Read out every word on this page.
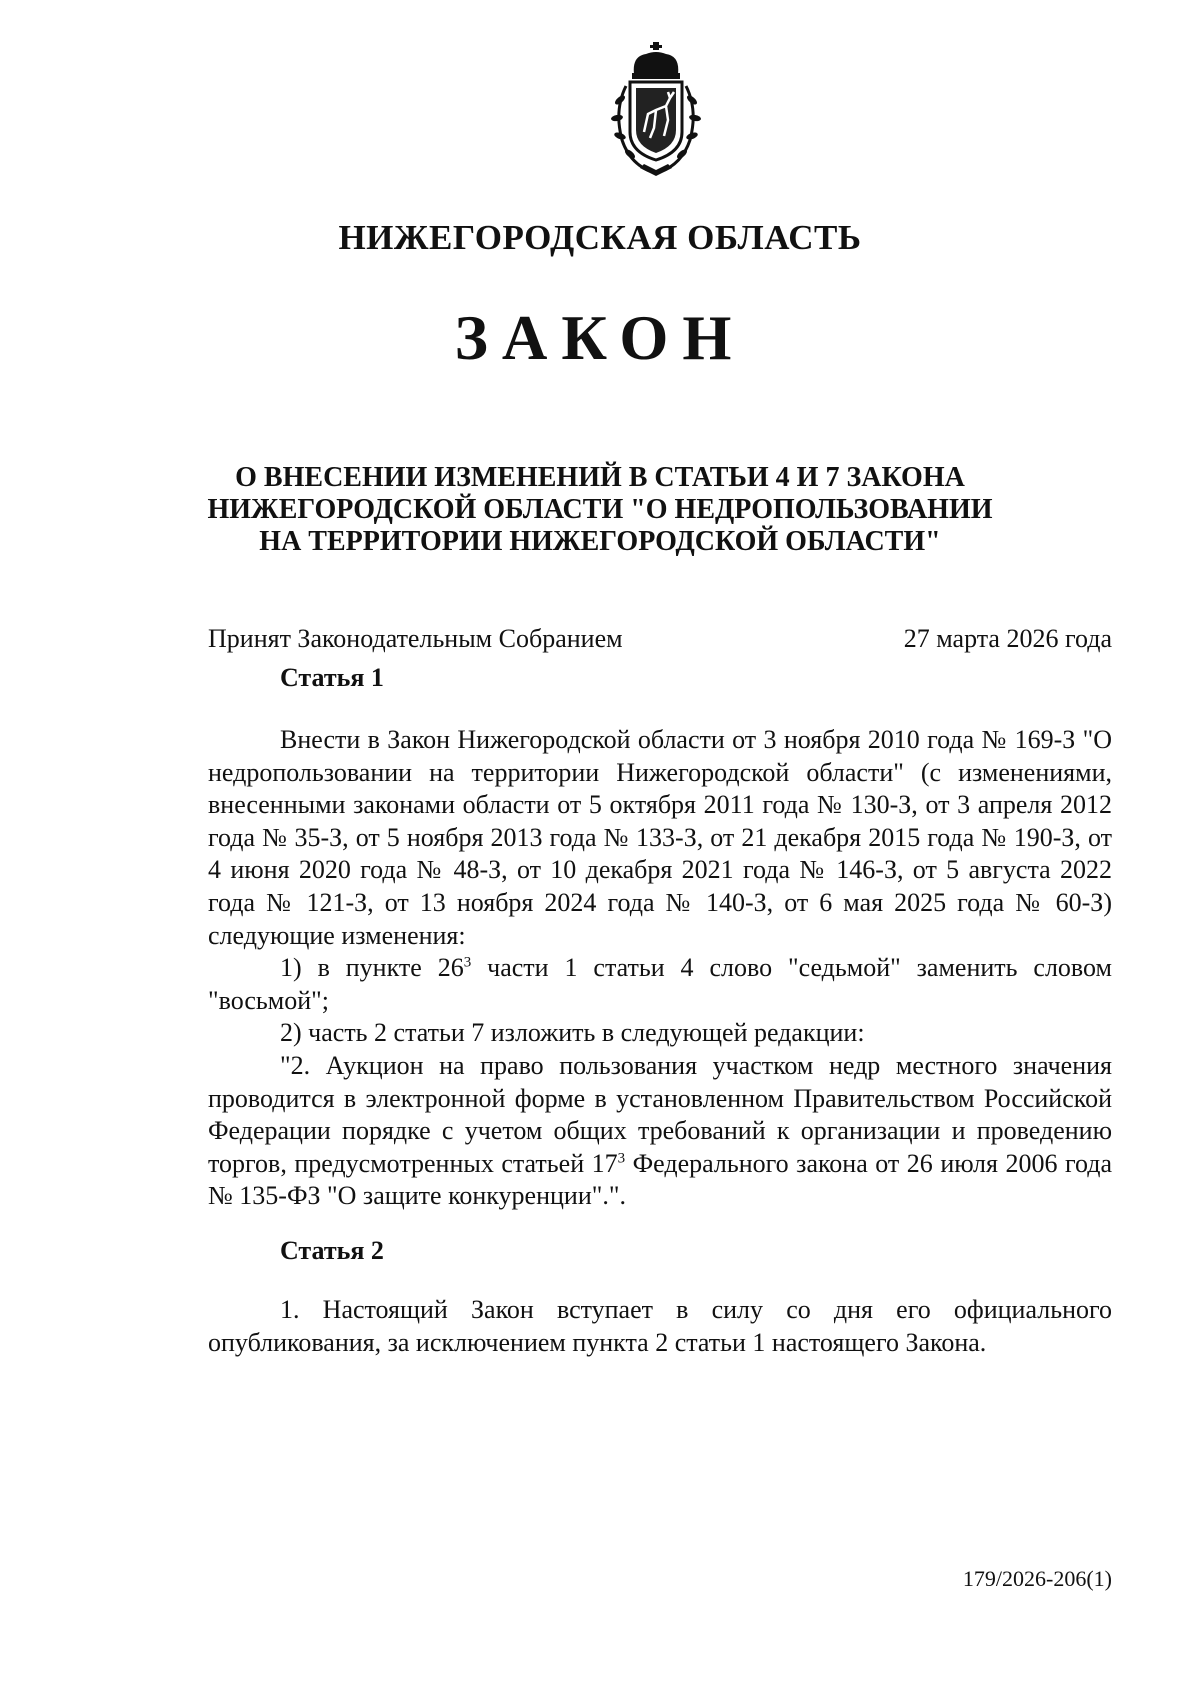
НИЖЕГОРОДСКАЯ ОБЛАСТЬ
ЗАКОН
О ВНЕСЕНИИ ИЗМЕНЕНИЙ В СТАТЬИ 4 И 7 ЗАКОНА НИЖЕГОРОДСКОЙ ОБЛАСТИ "О НЕДРОПОЛЬЗОВАНИИ НА ТЕРРИТОРИИ НИЖЕГОРОДСКОЙ ОБЛАСТИ"
Принят Законодательным Собранием	27 марта 2026 года
Статья 1

Внести в Закон Нижегородской области от 3 ноября 2010 года № 169-З "О недропользовании на территории Нижегородской области" (с изменениями, внесенными законами области от 5 октября 2011 года № 130-З, от 3 апреля 2012 года № 35-З, от 5 ноября 2013 года № 133-З, от 21 декабря 2015 года № 190-З, от 4 июня 2020 года № 48-З, от 10 декабря 2021 года № 146-З, от 5 августа 2022 года № 121-З, от 13 ноября 2024 года № 140-З, от 6 мая 2025 года № 60-З) следующие изменения:

1) в пункте $26^3$ части 1 статьи 4 слово "седьмой" заменить словом "восьмой";

2) часть 2 статьи 7 изложить в следующей редакции:

"2. Аукцион на право пользования участком недр местного значения проводится в электронной форме в установленном Правительством Российской Федерации порядке с учетом общих требований к организации и проведению торгов, предусмотренных статьей $17^3$ Федерального закона от 26 июля 2006 года № 135-ФЗ "О защите конкуренции".".

Статья 2

1. Настоящий Закон вступает в силу со дня его официального опубликования, за исключением пункта 2 статьи 1 настоящего Закона.

179/2026-206(1)
